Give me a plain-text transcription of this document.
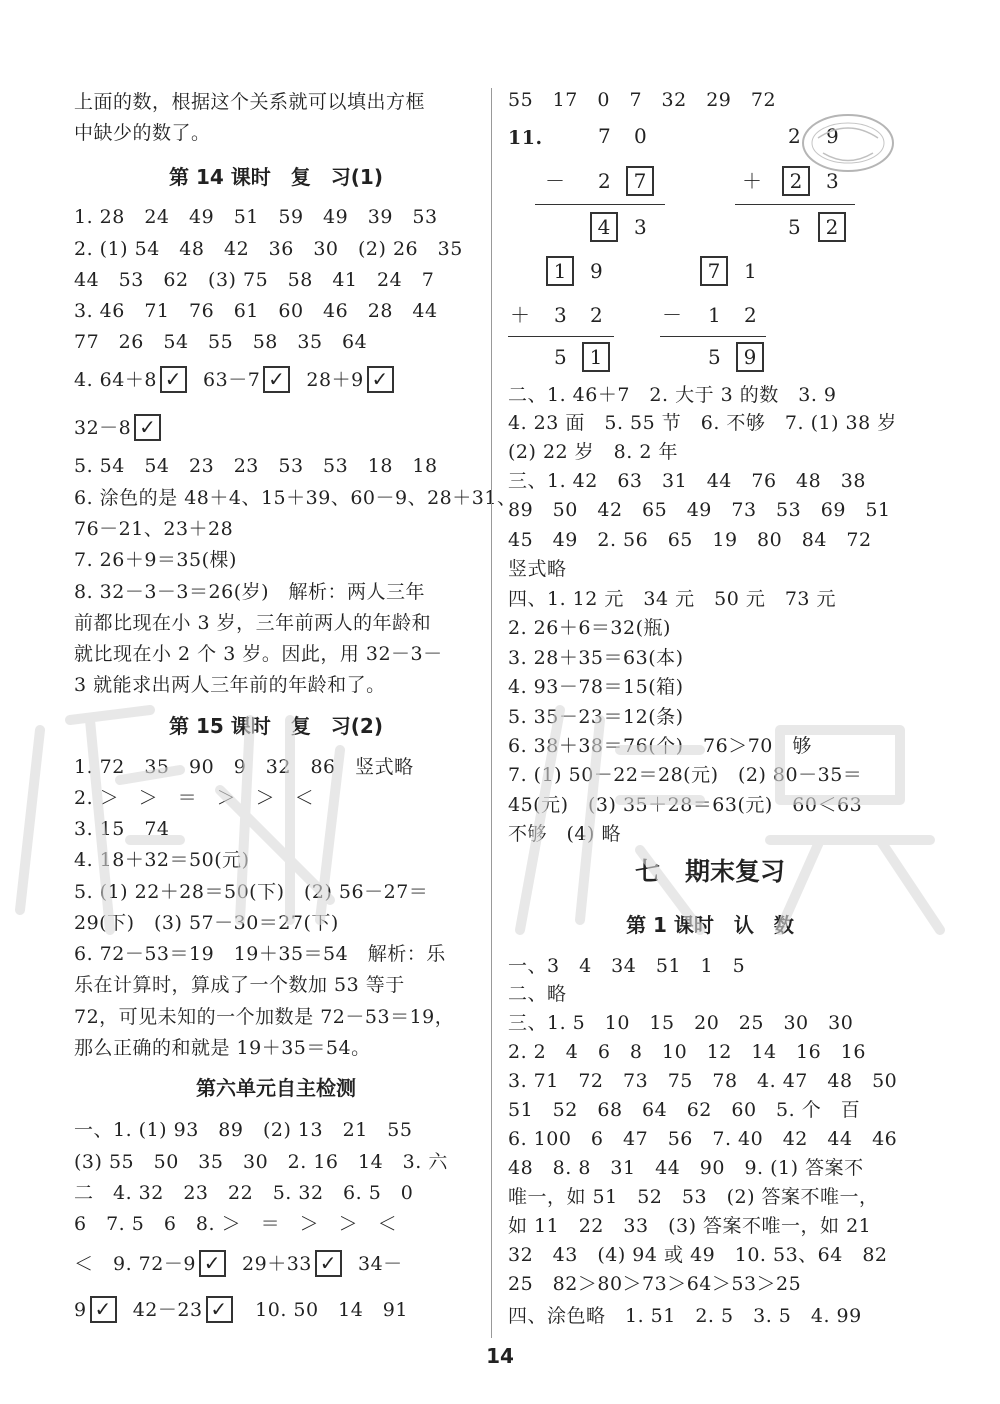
上面的数，根据这个关系就可以填出方框
中缺少的数了。
第 14 课时　复　习(1)
1. 28　24　49　51　59　49　39　53
2. (1) 54　48　42　36　30　(2) 26　35
44　53　62　(3) 75　58　41　24　7
3. 46　71　76　61　60　46　28　44
77　26　54　55　58　35　64
4. 64＋8 ✓ 63－7 ✓ 28＋9 ✓
32－8 ✓
5. 54　54　23　23　53　53　18　18
6. 涂色的是 48＋4、15＋39、60－9、28＋31、
76－21、23＋28
7. 26＋9＝35(棵)
8. 32－3－3＝26(岁)　解析：两人三年
前都比现在小 3 岁，三年前两人的年龄和
就比现在小 2 个 3 岁。因此，用 32－3－
3 就能求出两人三年前的年龄和了。
第 15 课时　复　习(2)
1. 72　35　90　9　32　86　竖式略
2. ＞　＞　＝　＞　＞　＜
3. 15　74
4. 18＋32＝50(元)
5. (1) 22＋28＝50(下)　(2) 56－27＝
29(下)　(3) 57－30＝27(下)
6. 72－53＝19　19＋35＝54　解析：乐
乐在计算时，算成了一个数加 53 等于
72，可见未知的一个加数是 72－53＝19，
那么正确的和就是 19＋35＝54。
第六单元自主检测
一、1. (1) 93　89　(2) 13　21　55
(3) 55　50　35　30　2. 16　14　3. 六
二　4. 32　23　22　5. 32　6. 5　0
6　7. 5　6　8. ＞　＝　＞　＞　＜
＜　9. 72－9 ✓ 29＋33 ✓ 34－
9 ✓ 42－23 ✓ 10. 50　14　91
55　17　0　7　32　29　72
11.	7 0
－ 2	7
4	3
2 9
＋	2	3
5	2
1	9
＋ 3 2
5	1
7	1
－ 1 2
5	9
二、1. 46＋7　2. 大于 3 的数　3. 9
4. 23 面　5. 55 节　6. 不够　7. (1) 38 岁
(2) 22 岁　8. 2 年
三、1. 42　63　31　44　76　48　38
89　50　42　65　49　73　53　69　51
45　49　2. 56　65　19　80　84　72
竖式略
四、1. 12 元　34 元　50 元　73 元
2. 26＋6＝32(瓶)
3. 28＋35＝63(本)
4. 93－78＝15(箱)
5. 35－23＝12(条)
6. 38＋38＝76(个)　76＞70　够
7. (1) 50－22＝28(元)　(2) 80－35＝
45(元)　(3) 35＋28＝63(元)　60＜63
不够　(4) 略
七　期末复习
第 1 课时　认　数
一、3　4　34　51　1　5
二、略
三、1. 5　10　15　20　25　30　30
2. 2　4　6　8　10　12　14　16　16
3. 71　72　73　75　78　4. 47　48　50
51　52　68　64　62　60　5. 个　百
6. 100　6　47　56　7. 40　42　44　46
48　8. 8　31　44　90　9. (1) 答案不
唯一，如 51　52　53　(2) 答案不唯一，
如 11　22　33　(3) 答案不唯一，如 21
32　43　(4) 94 或 49　10. 53、64　82
25　82＞80＞73＞64＞53＞25
四、涂色略　1. 51　2. 5　3. 5　4. 99
14
